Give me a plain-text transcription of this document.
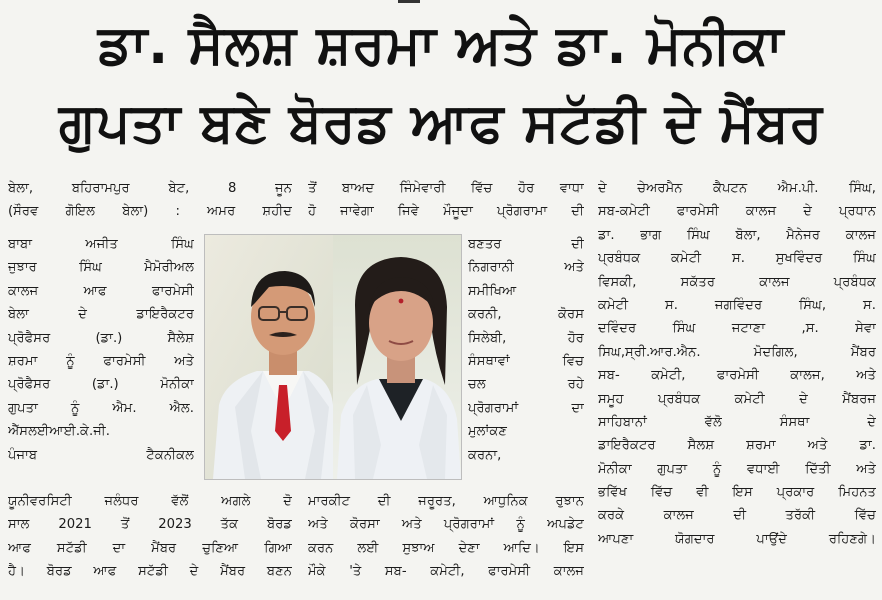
ਡਾ. ਸੈਲਸ਼ ਸ਼ਰਮਾ ਅਤੇ ਡਾ. ਮੋਨੀਕਾ
ਗੁਪਤਾ ਬਣੇ ਬੋਰਡ ਆਫ ਸਟੱਡੀ ਦੇ ਮੈਂਬਰ
ਬੇਲਾ, ਬਹਿਰਾਮਪੁਰ ਬੇਟ, 8 ਜੂਨ
(ਸੌਰਵ ਗੋਇਲ ਬੇਲਾ) : ਅਮਰ ਸ਼ਹੀਦ
ਬਾਬਾ ਅਜੀਤ ਸਿੰਘ
ਜੁਝਾਰ ਸਿੰਘ ਮੈਮੋਰੀਅਲ
ਕਾਲਜ ਆਫ ਫਾਰਮੇਸੀ
ਬੇਲਾ ਦੇ ਡਾਇਰੈਕਟਰ
ਪ੍ਰੋਫੈਸਰ (ਡਾ.) ਸੈਲੇਸ਼
ਸ਼ਰਮਾ ਨੂੰ ਫਾਰਮੇਸੀ ਅਤੇ
ਪ੍ਰੋਫੈਸਰ (ਡਾ.) ਮੋਨੀਕਾ
ਗੁਪਤਾ ਨੂੰ ਐਮ. ਐਲ.
ਐੱਸਲਈਆਈ.ਕੇ.ਜੀ.
ਪੰਜਾਬ ਟੈਕਨੀਕਲ
ਯੂਨੀਵਰਸਿਟੀ ਜਲੰਧਰ ਵੱਲੋਂ ਅਗਲੇ ਦੋ
ਸਾਲ 2021 ਤੋਂ 2023 ਤੱਕ ਬੋਰਡ
ਆਫ ਸਟੱਡੀ ਦਾ ਮੈਂਬਰ ਚੁਣਿਆ ਗਿਆ
ਹੈ। ਬੋਰਡ ਆਫ ਸਟੱਡੀ ਦੇ ਮੈਂਬਰ ਬਣਨ
ਤੋਂ ਬਾਅਦ ਜਿੰਮੇਵਾਰੀ ਵਿੱਚ ਹੋਰ ਵਾਧਾ
ਹੋ ਜਾਵੇਗਾ ਜਿਵੇ ਮੌਜੂਦਾ ਪ੍ਰੋਗਰਾਮਾ ਦੀ
ਬਣਤਰ ਦੀ
ਨਿਗਰਾਨੀ ਅਤੇ
ਸਮੀਖਿਆ
ਕਰਨੀ, ਕੋਰਸ
ਸਿਲੇਬੀ, ਹੋਰ
ਸੰਸਥਾਵਾਂ ਵਿਚ
ਚਲ ਰਹੇ
ਪ੍ਰੋਗਰਾਮਾਂ ਦਾ
ਮੁਲਾਂਕਣ
ਕਰਨਾ,
ਮਾਰਕੀਟ ਦੀ ਜਰੂਰਤ, ਆਧੁਨਿਕ ਰੁਝਾਨ
ਅਤੇ ਕੋਰਸਾ ਅਤੇ ਪ੍ਰੋਗਰਾਮਾਂ ਨੂੰ ਅਪਡੇਟ
ਕਰਨ ਲਈ ਸੁਝਾਅ ਦੇਣਾ ਆਦਿ। ਇਸ
ਮੌਕੇ 'ਤੇ ਸਬ- ਕਮੇਟੀ, ਫਾਰਮੇਸੀ ਕਾਲਜ
ਦੇ ਚੇਅਰਮੈਨ ਕੈਪਟਨ ਐਮ.ਪੀ. ਸਿੰਘ,
ਸਬ-ਕਮੇਟੀ ਫਾਰਮੇਸੀ ਕਾਲਜ ਦੇ ਪ੍ਰਧਾਨ
ਡਾ. ਭਾਗ ਸਿੰਘ ਬੋਲਾ, ਮੈਨੇਜਰ ਕਾਲਜ
ਪ੍ਰਬੰਧਕ ਕਮੇਟੀ ਸ. ਸੁਖਵਿੰਦਰ ਸਿੰਘ
ਵਿਸਕੀ, ਸਕੱਤਰ ਕਾਲਜ ਪ੍ਰਬੰਧਕ
ਕਮੇਟੀ ਸ. ਜਗਵਿੰਦਰ ਸਿੰਘ, ਸ.
ਦਵਿੰਦਰ ਸਿੰਘ ਜਟਾਣਾ ,ਸ. ਸੇਵਾ
ਸਿਘ,ਸ੍ਰੀ.ਆਰ.ਐਨ. ਮੋਦਗਿਲ, ਮੈਂਬਰ
ਸਬ- ਕਮੇਟੀ, ਫਾਰਮੇਸੀ ਕਾਲਜ, ਅਤੇ
ਸਮੂਹ ਪ੍ਰਬੰਧਕ ਕਮੇਟੀ ਦੇ ਮੈਂਬਰਜ
ਸਾਹਿਬਾਨਾਂ ਵੱਲੋ ਸੰਸਥਾ ਦੇ
ਡਾਇਰੈਕਟਰ ਸੈਲਸ਼ ਸ਼ਰਮਾ ਅਤੇ ਡਾ.
ਮੋਨੀਕਾ ਗੁਪਤਾ ਨੂੰ ਵਧਾਈ ਦਿੱਤੀ ਅਤੇ
ਭਵਿੱਖ ਵਿੱਚ ਵੀ ਇਸ ਪ੍ਰਕਾਰ ਮਿਹਨਤ
ਕਰਕੇ ਕਾਲਜ ਦੀ ਤਰੱਕੀ ਵਿੱਚ
ਆਪਣਾ ਯੋਗਦਾਰ ਪਾਉਂਦੇ ਰਹਿਣਗੇ।
